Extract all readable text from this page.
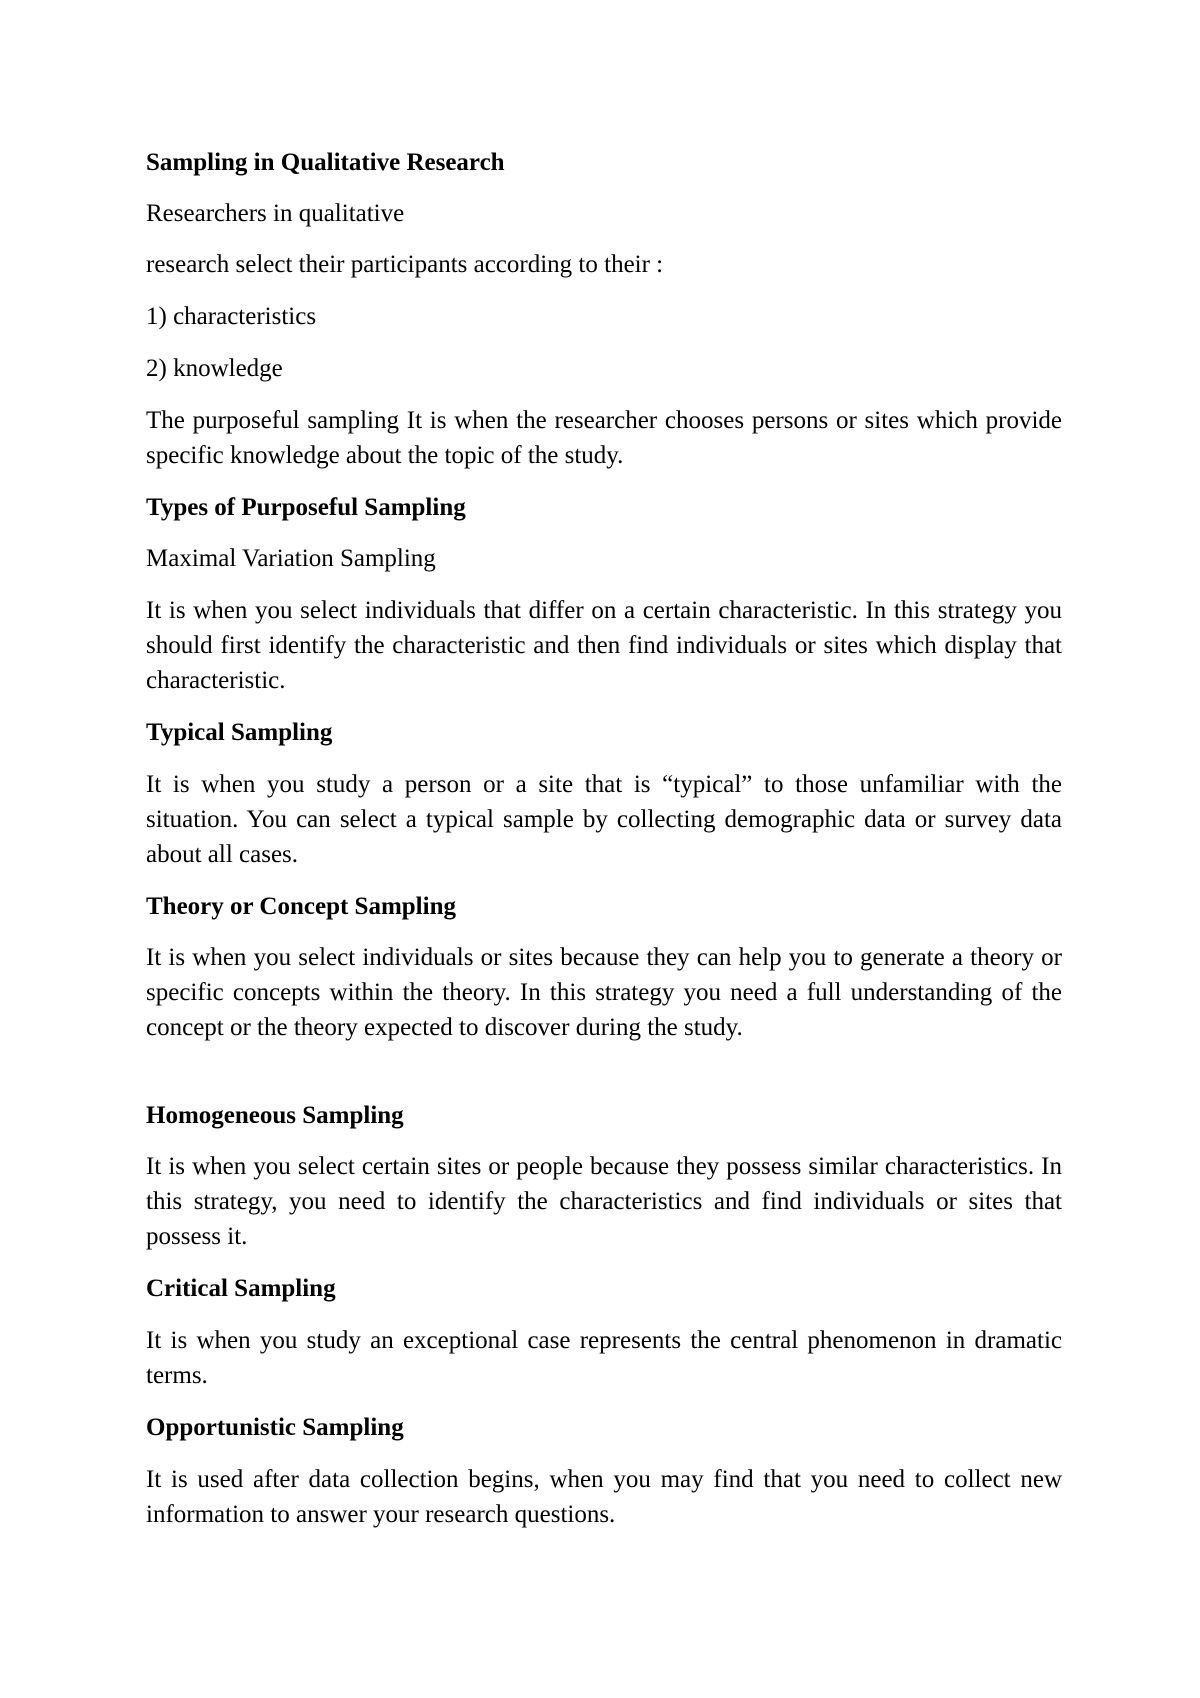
Sampling in Qualitative Research

Researchers in qualitative

research select their participants according to their :

1) characteristics

2) knowledge

The purposeful sampling It is when the researcher chooses persons or sites which provide specific knowledge about the topic of the study.

Types of Purposeful Sampling

Maximal Variation Sampling

It is when you select individuals that differ on a certain characteristic. In this strategy you should first identify the characteristic and then find individuals or sites which display that characteristic.

Typical Sampling

It is when you study a person or a site that is “typical” to those unfamiliar with the situation. You can select a typical sample by collecting demographic data or survey data about all cases.

Theory or Concept Sampling

It is when you select individuals or sites because they can help you to generate a theory or specific concepts within the theory. In this strategy you need a full understanding of the concept or the theory expected to discover during the study.

Homogeneous Sampling

It is when you select certain sites or people because they possess similar characteristics. In this strategy, you need to identify the characteristics and find individuals or sites that possess it.

Critical Sampling

It is when you study an exceptional case represents the central phenomenon in dramatic terms.

Opportunistic Sampling

It is used after data collection begins, when you may find that you need to collect new information to answer your research questions.
